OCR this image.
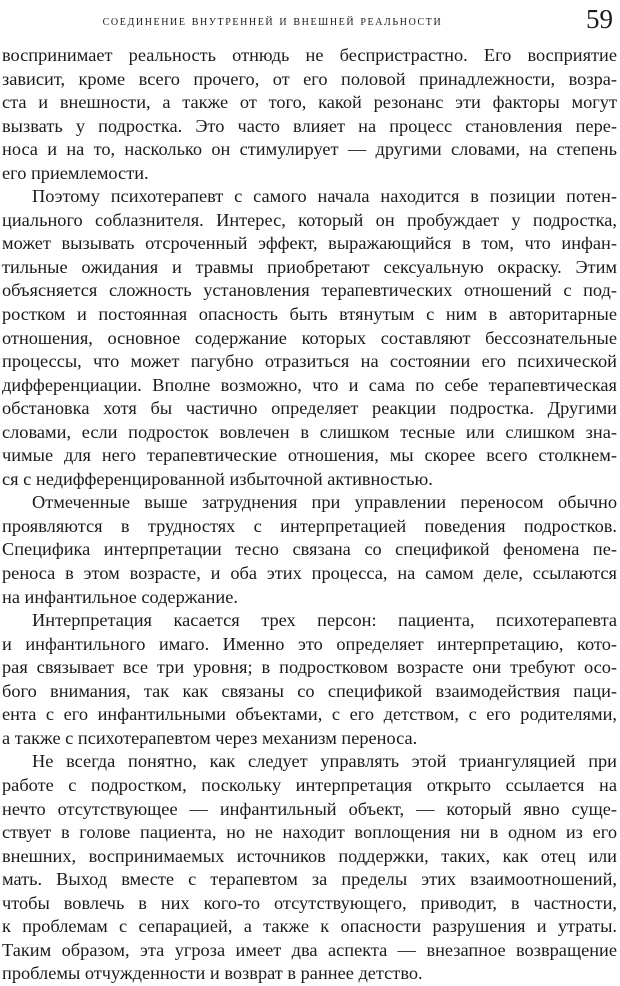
соединение внутренней и внешней реальности	59
воспринимает реальность отнюдь не беспристрастно. Его восприятие
зависит, кроме всего прочего, от его половой принадлежности, возра-
ста и внешности, а также от того, какой резонанс эти факторы могут
вызвать у подростка. Это часто влияет на процесс становления пере-
носа и на то, насколько он стимулирует — другими словами, на степень
его приемлемости.
Поэтому психотерапевт с самого начала находится в позиции потен-
циального соблазнителя. Интерес, который он пробуждает у подростка,
может вызывать отсроченный эффект, выражающийся в том, что инфан-
тильные ожидания и травмы приобретают сексуальную окраску. Этим
объясняется сложность установления терапевтических отношений с под-
ростком и постоянная опасность быть втянутым с ним в авторитарные
отношения, основное содержание которых составляют бессознательные
процессы, что может пагубно отразиться на состоянии его психической
дифференциации. Вполне возможно, что и сама по себе терапевтическая
обстановка хотя бы частично определяет реакции подростка. Другими
словами, если подросток вовлечен в слишком тесные или слишком зна-
чимые для него терапевтические отношения, мы скорее всего столкнем-
ся с недифференцированной избыточной активностью.
Отмеченные выше затруднения при управлении переносом обычно
проявляются в трудностях с интерпретацией поведения подростков.
Специфика интерпретации тесно связана со спецификой феномена пе-
реноса в этом возрасте, и оба этих процесса, на самом деле, ссылаются
на инфантильное содержание.
Интерпретация касается трех персон: пациента, психотерапевта
и инфантильного имаго. Именно это определяет интерпретацию, кото-
рая связывает все три уровня; в подростковом возрасте они требуют осо-
бого внимания, так как связаны со спецификой взаимодействия паци-
ента с его инфантильными объектами, с его детством, с его родителями,
а также с психотерапевтом через механизм переноса.
Не всегда понятно, как следует управлять этой триангуляцией при
работе с подростком, поскольку интерпретация открыто ссылается на
нечто отсутствующее — инфантильный объект, — который явно суще-
ствует в голове пациента, но не находит воплощения ни в одном из его
внешних, воспринимаемых источников поддержки, таких, как отец или
мать. Выход вместе с терапевтом за пределы этих взаимоотношений,
чтобы вовлечь в них кого-то отсутствующего, приводит, в частности,
к проблемам с сепарацией, а также к опасности разрушения и утраты.
Таким образом, эта угроза имеет два аспекта — внезапное возвращение
проблемы отчужденности и возврат в раннее детство.
